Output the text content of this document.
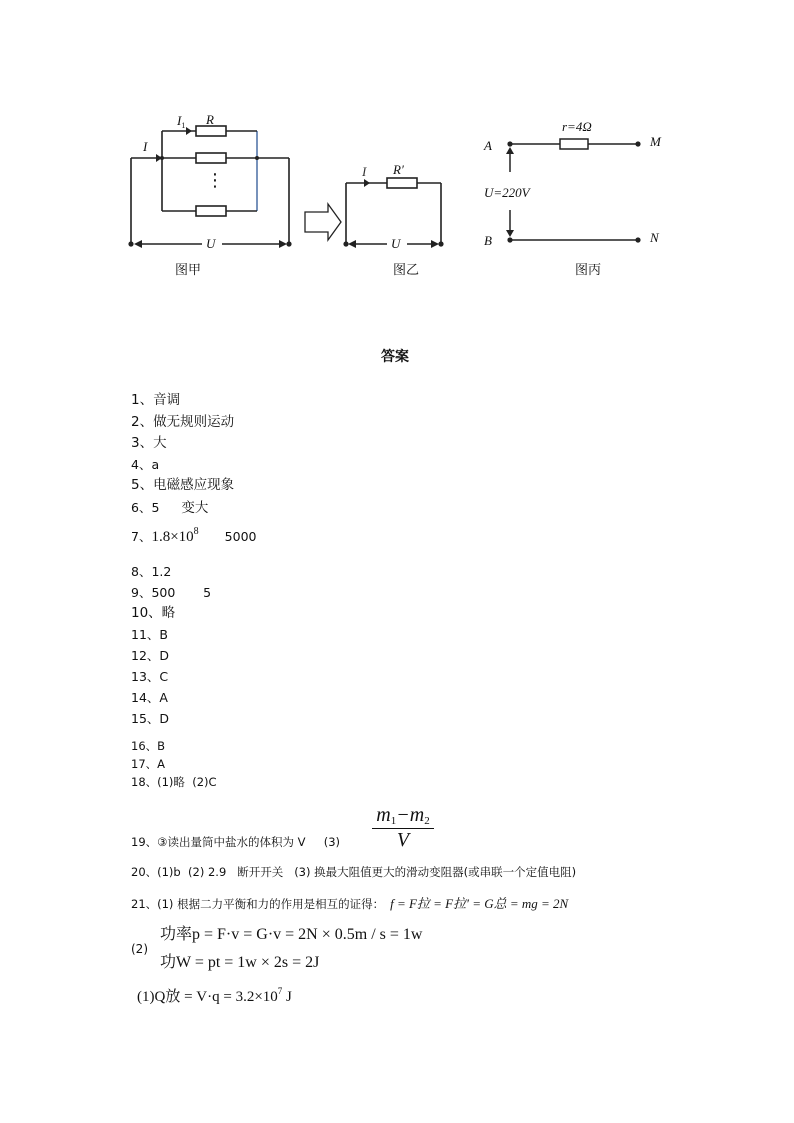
I
$I_1$ R
⋮
U
图甲
I R′
U
图乙
A
B
M
N
r=4Ω
U=220V
图丙
答案
1、音调
2、做无规则运动
3、大
4、a
5、电磁感应现象
6、5 变大
7、$1.8\times 10^8$ 5000
8、1.2
9、500       5
10、略
11、B
12、D
13、C
14、A
15、D
16、B
17、A
18、(1)略  (2)C
19、③读出量筒中盐水的体积为 V     $(3) \frac{m_1-m_2}{V}$
20、(1)b  (2) 2.9   断开开关   (3) 换最大阻值更大的滑动变阻器(或串联一个定值电阻)
21、(1) 根据二力平衡和力的作用是相互的证得： f = F拉 = F拉′ = G总 = mg = 2N
(2)
功率p = F·v = G·v = 2N × 0.5m / s = 1w
功W = pt = 1w × 2s = 2J
(1)Q放 = $V\cdot q = 3.2\times 10^7$ J
